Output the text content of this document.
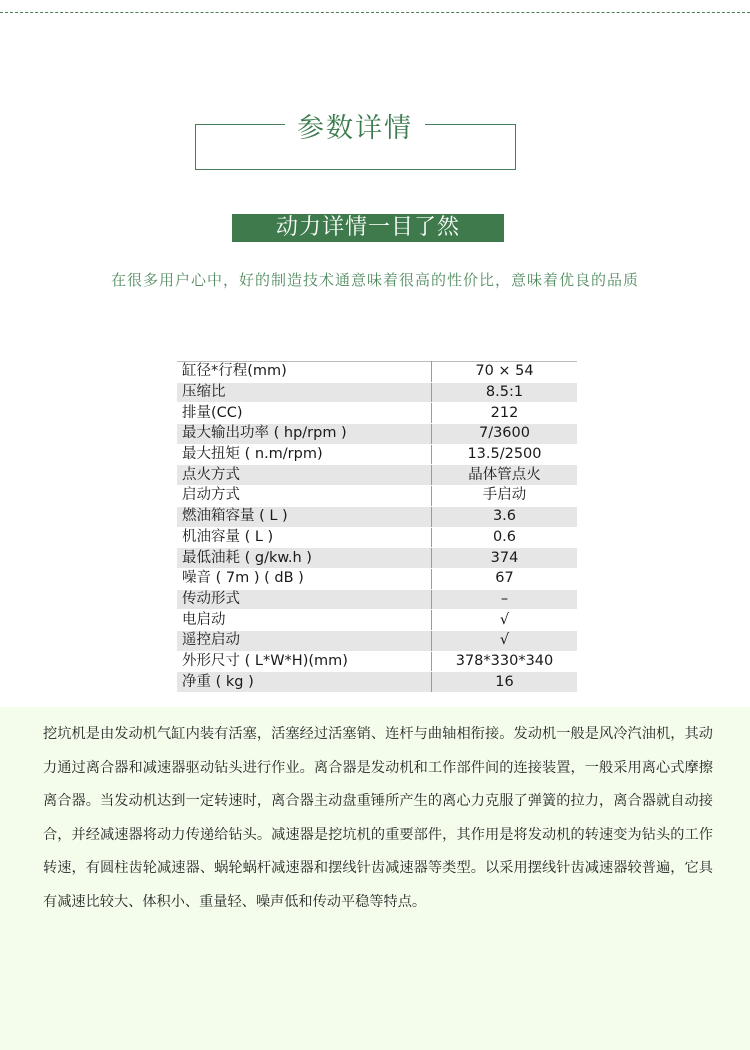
参数详情
动力详情一目了然
在很多用户心中，好的制造技术通意味着很高的性价比，意味着优良的品质
缸径*行程(mm)	70 × 54
压缩比	8.5:1
排量(CC)	212
最大输出功率 ( hp/rpm )	7/3600
最大扭矩 ( n.m/rpm)	13.5/2500
点火方式	晶体管点火
启动方式	手启动
燃油箱容量 ( L )	3.6
机油容量 ( L )	0.6
最低油耗 ( g/kw.h )	374
噪音 ( 7m ) ( dB )	67
传动形式	–
电启动	√
遥控启动	√
外形尺寸 ( L*W*H)(mm)	378*330*340
净重 ( kg )	16
挖坑机是由发动机气缸内装有活塞，活塞经过活塞销、连杆与曲轴相衔接。发动机一般是风冷汽油机，其动力通过离合器和减速器驱动钻头进行作业。离合器是发动机和工作部件间的连接装置，一般采用离心式摩擦离合器。当发动机达到一定转速时，离合器主动盘重锤所产生的离心力克服了弹簧的拉力，离合器就自动接合，并经减速器将动力传递给钻头。减速器是挖坑机的重要部件，其作用是将发动机的转速变为钻头的工作转速，有圆柱齿轮减速器、蜗轮蜗杆减速器和摆线针齿减速器等类型。以采用摆线针齿减速器较普遍，它具有减速比较大、体积小、重量轻、噪声低和传动平稳等特点。
